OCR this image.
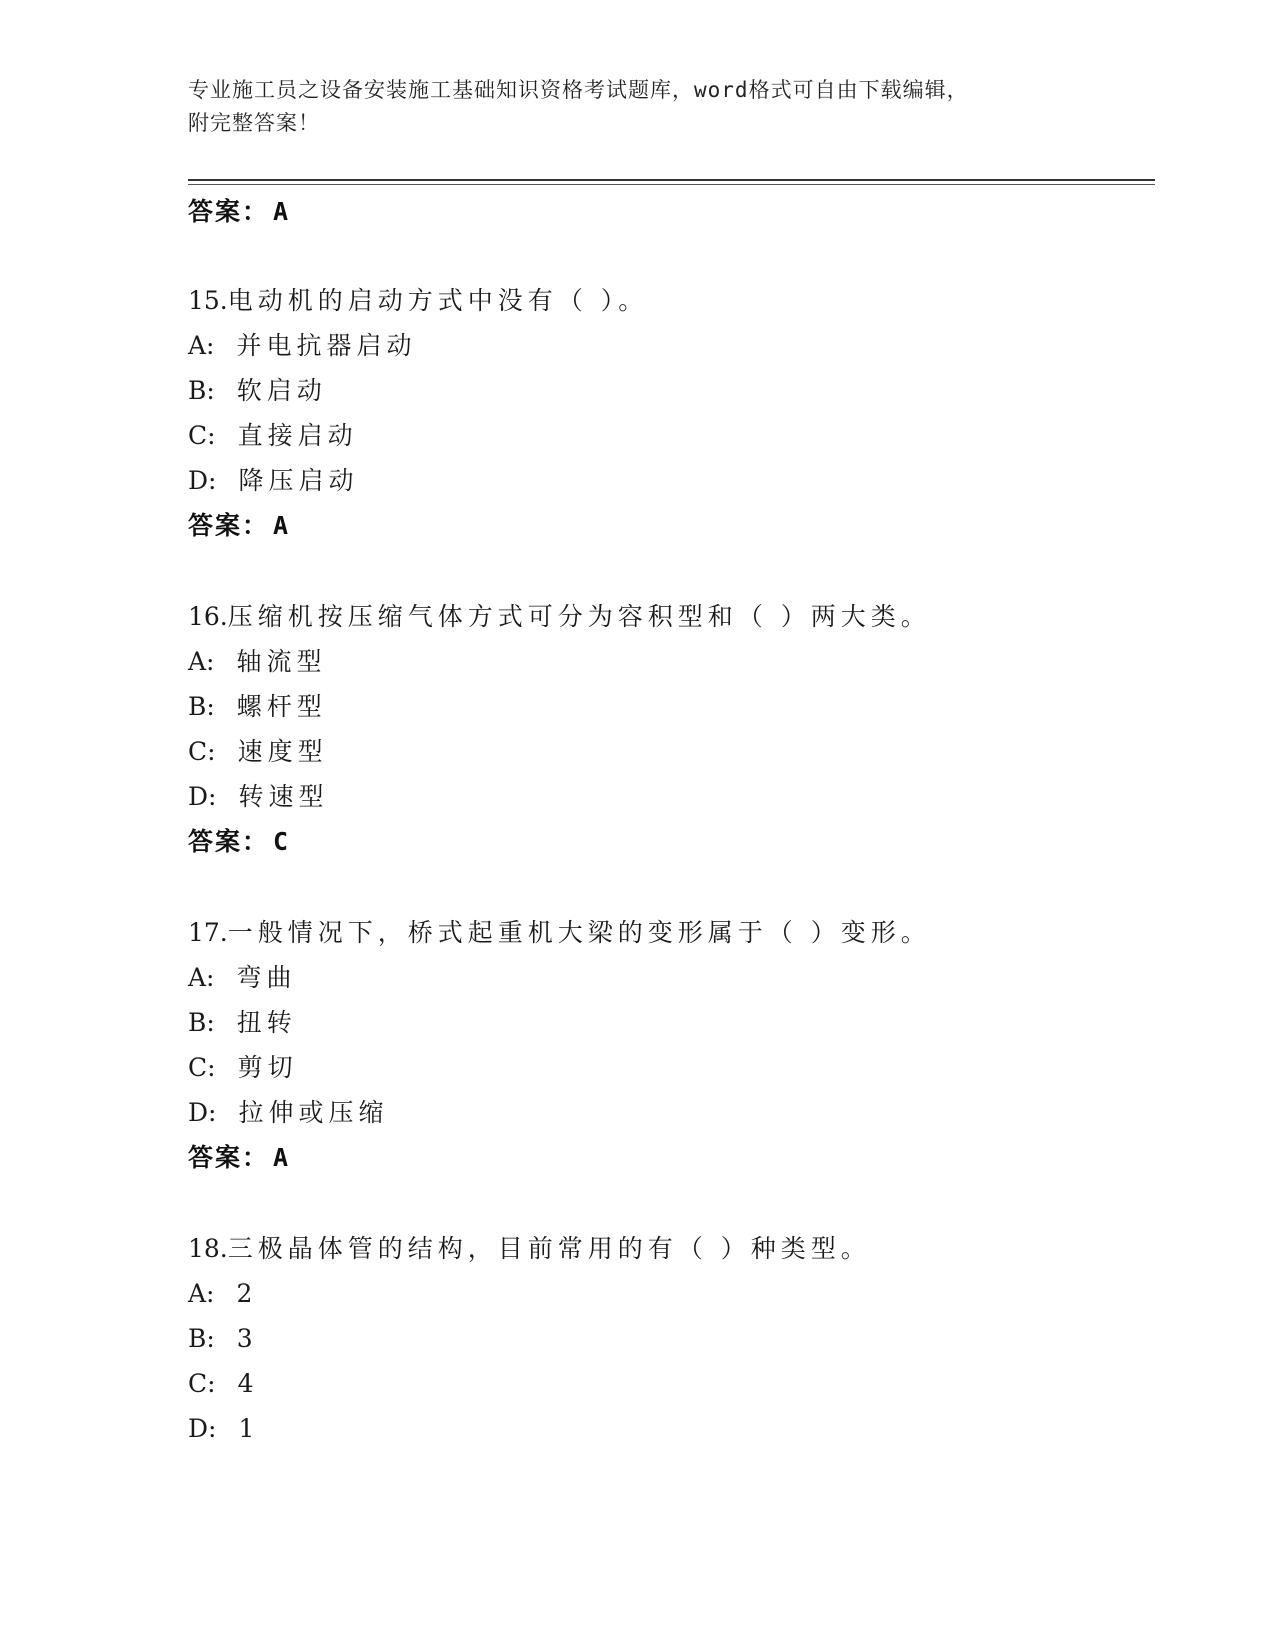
专业施工员之设备安装施工基础知识资格考试题库，word格式可自由下载编辑，
附完整答案！
答案： A
15.电动机的启动方式中没有（ ）。
A: 并电抗器启动
B: 软启动
C: 直接启动
D: 降压启动
答案： A
16.压缩机按压缩气体方式可分为容积型和（ ）两大类。
A: 轴流型
B: 螺杆型
C: 速度型
D: 转速型
答案： C
17.一般情况下，桥式起重机大梁的变形属于（ ）变形。
A: 弯曲
B: 扭转
C: 剪切
D: 拉伸或压缩
答案： A
18.三极晶体管的结构，目前常用的有（ ）种类型。
A: 2
B: 3
C: 4
D: 1
